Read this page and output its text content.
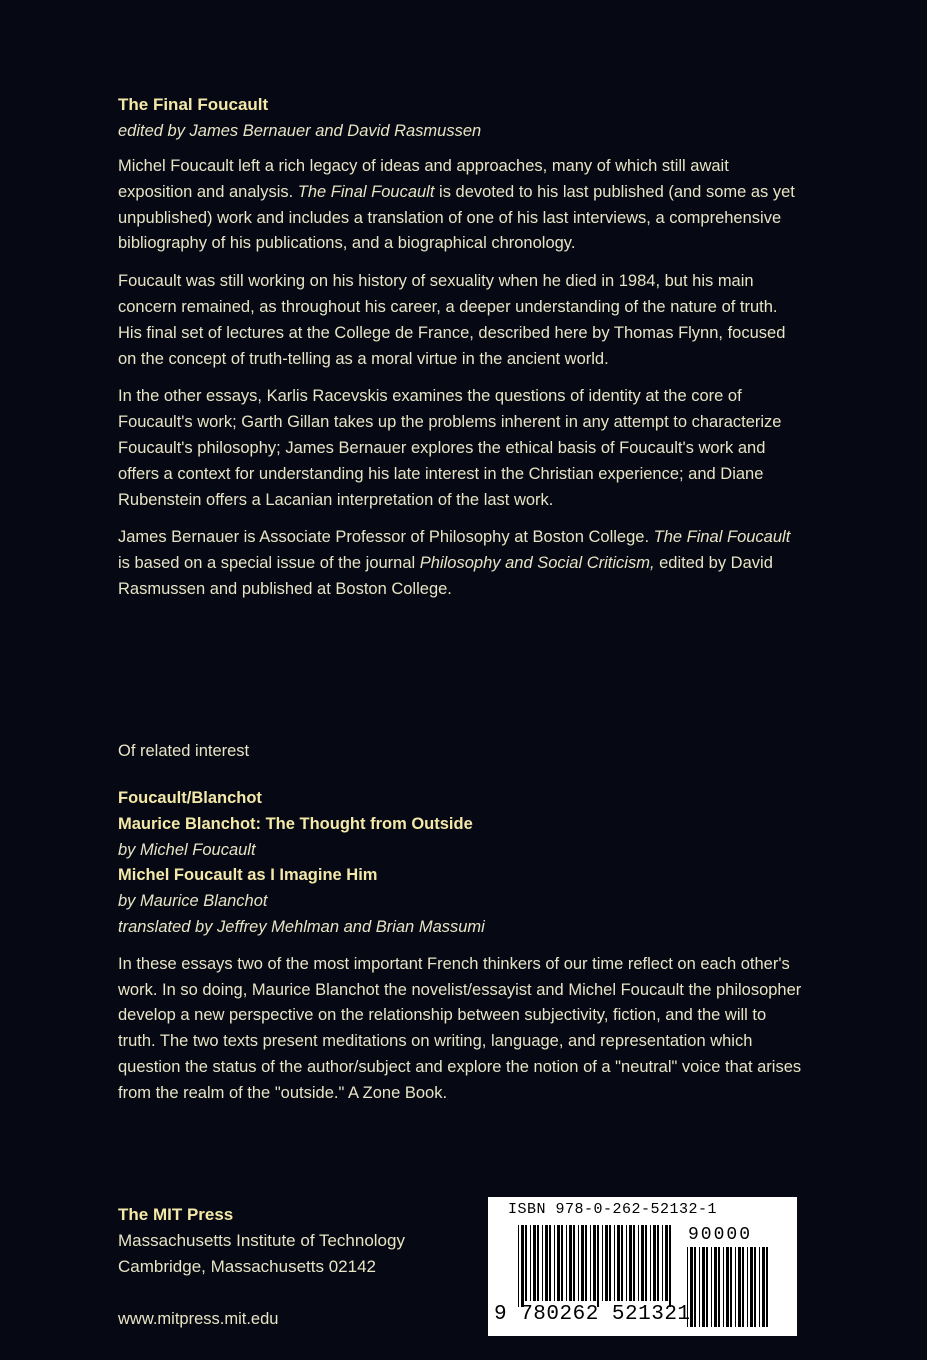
The Final Foucault
edited by James Bernauer and David Rasmussen

Michel Foucault left a rich legacy of ideas and approaches, many of which still await exposition and analysis. The Final Foucault is devoted to his last published (and some as yet unpublished) work and includes a translation of one of his last interviews, a comprehensive bibliography of his publications, and a biographical chronology.

Foucault was still working on his history of sexuality when he died in 1984, but his main concern remained, as throughout his career, a deeper understanding of the nature of truth. His final set of lectures at the College de France, described here by Thomas Flynn, focused on the concept of truth-telling as a moral virtue in the ancient world.

In the other essays, Karlis Racevskis examines the questions of identity at the core of Foucault's work; Garth Gillan takes up the problems inherent in any attempt to characterize Foucault's philosophy; James Bernauer explores the ethical basis of Foucault's work and offers a context for understanding his late interest in the Christian experience; and Diane Rubenstein offers a Lacanian interpretation of the last work.

James Bernauer is Associate Professor of Philosophy at Boston College. The Final Foucault is based on a special issue of the journal Philosophy and Social Criticism, edited by David Rasmussen and published at Boston College.

Of related interest
Foucault/Blanchot
Maurice Blanchot: The Thought from Outside
by Michel Foucault
Michel Foucault as I Imagine Him
by Maurice Blanchot
translated by Jeffrey Mehlman and Brian Massumi

In these essays two of the most important French thinkers of our time reflect on each other's work. In so doing, Maurice Blanchot the novelist/essayist and Michel Foucault the philosopher develop a new perspective on the relationship between subjectivity, fiction, and the will to truth. The two texts present meditations on writing, language, and representation which question the status of the author/subject and explore the notion of a "neutral" voice that arises from the realm of the "outside." A Zone Book.

The MIT Press
Massachusetts Institute of Technology
Cambridge, Massachusetts 02142
www.mitpress.mit.edu
ISBN 978-0-262-52132-1
90000
9 780262 521321
